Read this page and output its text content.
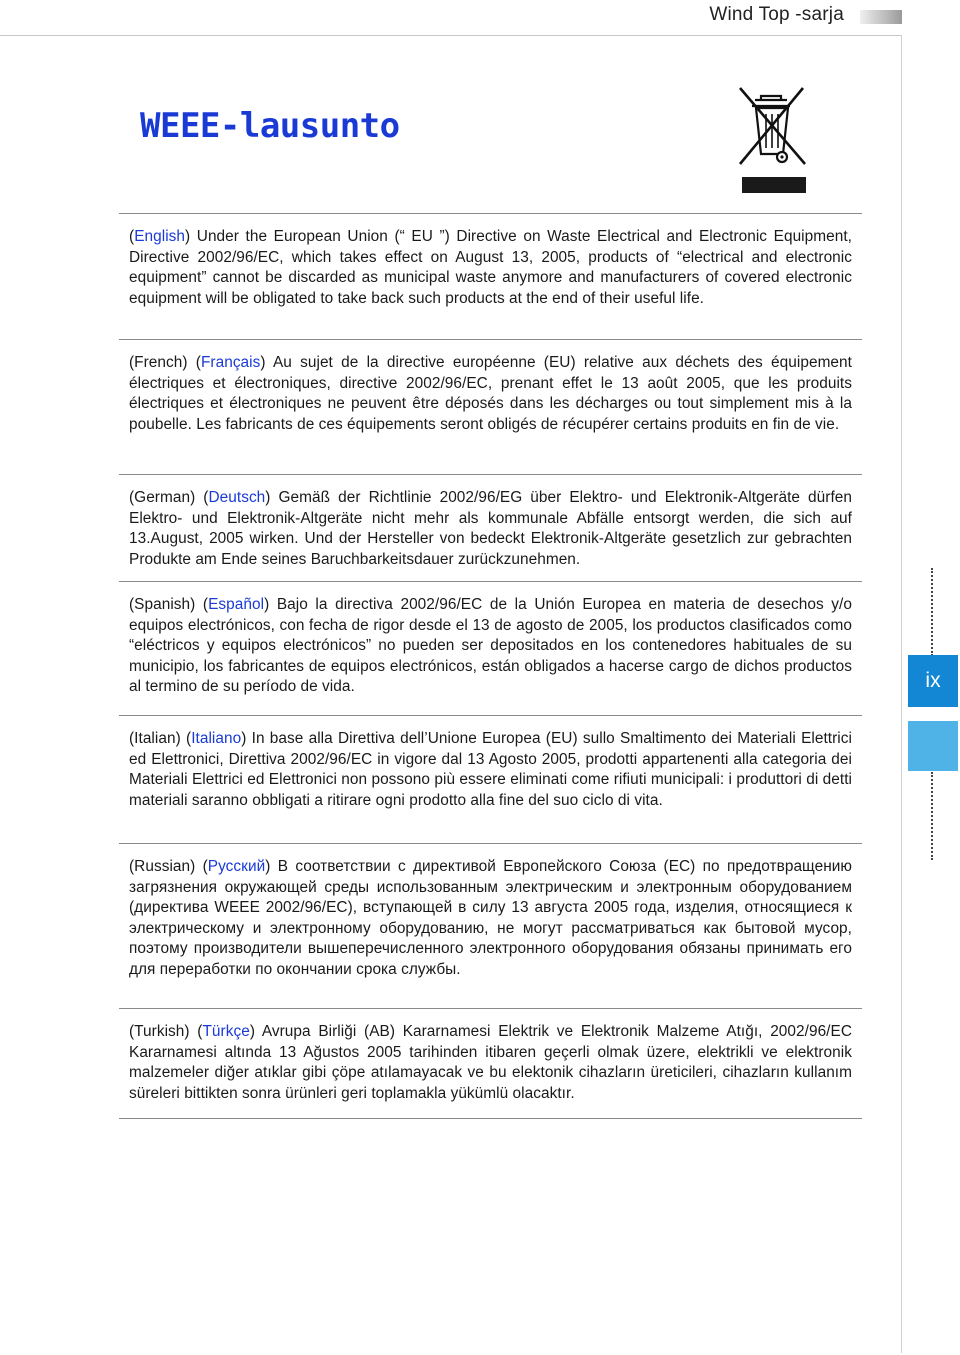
Wind Top -sarja
WEEE-lausunto

(English) Under the European Union (“ EU ”) Directive on Waste Electrical and Electronic Equipment, Directive 2002/96/EC, which takes effect on August 13, 2005, products of “electrical and electronic equipment” cannot be discarded as municipal waste anymore and manufacturers of covered electronic equipment will be obligated to take back such products at the end of their useful life.

(French) (Français) Au sujet de la directive européenne (EU) relative aux déchets des équipement électriques et électroniques, directive 2002/96/EC, prenant effet le 13 août 2005, que les produits électriques et électroniques ne peuvent être déposés dans les décharges ou tout simplement mis à la poubelle. Les fabricants de ces équipements seront obligés de récupérer certains produits en fin de vie.

(German) (Deutsch) Gemäß der Richtlinie 2002/96/EG über Elektro- und Elektronik-Altgeräte dürfen Elektro- und Elektronik-Altgeräte nicht mehr als kommunale Abfälle entsorgt werden, die sich auf 13.August, 2005 wirken. Und der Hersteller von bedeckt Elektronik-Altgeräte gesetzlich zur gebrachten Produkte am Ende seines Baruchbarkeitsdauer zurückzunehmen.

(Spanish) (Español) Bajo la directiva 2002/96/EC de la Unión Europea en materia de desechos y/o equipos electrónicos, con fecha de rigor desde el 13 de agosto de 2005, los productos clasificados como “eléctricos y equipos electrónicos” no pueden ser depositados en los contenedores habituales de su municipio, los fabricantes de equipos electrónicos, están obligados a hacerse cargo de dichos productos al termino de su período de vida.

(Italian) (Italiano) In base alla Direttiva dell’Unione Europea (EU) sullo Smaltimento dei Materiali Elettrici ed Elettronici, Direttiva 2002/96/EC in vigore dal 13 Agosto 2005, prodotti appartenenti alla categoria dei Materiali Elettrici ed Elettronici non possono più essere eliminati come rifiuti municipali: i produttori di detti materiali saranno obbligati a ritirare ogni prodotto alla fine del suo ciclo di vita.

(Russian) (Русский) В соответствии с директивой Европейского Союза (ЕС) по предотвращению загрязнения окружающей среды использованным электрическим и электронным оборудованием (директива WEEE 2002/96/EC), вступающей в силу 13 августа 2005 года, изделия, относящиеся к электрическому и электронному оборудованию, не могут рассматриваться как бытовой мусор, поэтому производители вышеперечисленного электронного оборудования обязаны принимать его для переработки по окончании срока службы.

(Turkish) (Türkçe) Avrupa Birliği (AB) Kararnamesi Elektrik ve Elektronik Malzeme Atığı, 2002/96/EC Kararnamesi altında 13 Ağustos 2005 tarihinden itibaren geçerli olmak üzere, elektrikli ve elektronik malzemeler diğer atıklar gibi çöpe atılamayacak ve bu elektonik cihazların üreticileri, cihazların kullanım süreleri bittikten sonra ürünleri geri toplamakla yükümlü olacaktır.

ix
